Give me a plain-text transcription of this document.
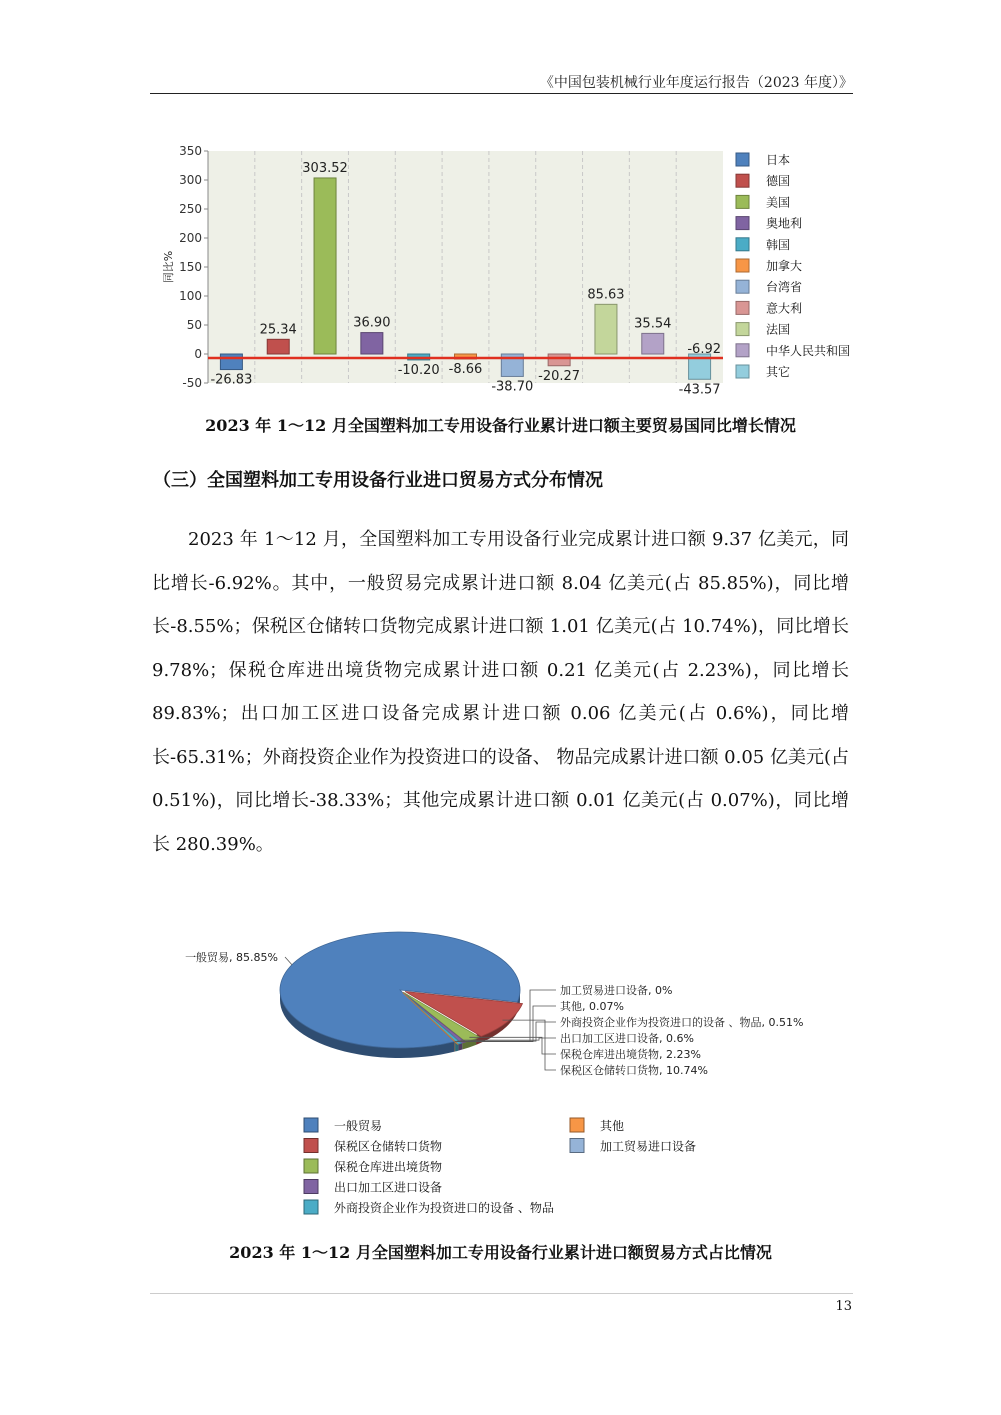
《中国包装机械行业年度运行报告（2023 年度）》
350
300
250
200
150
100
50
0
-50
同比%
-26.83
25.34
303.52
36.90
-10.20 -8.66
-38.70
-20.27
85.63
35.54
-43.57
-6.92
日本
德国
美国
奥地利
韩国
加拿大
台湾省
意大利
法国
中华人民共和国
其它
2023 年 1～12 月全国塑料加工专用设备行业累计进口额主要贸易国同比增长情况
（三）全国塑料加工专用设备行业进口贸易方式分布情况

2023 年 1～12 月，全国塑料加工专用设备行业完成累计进口额 9.37 亿美元，同比增长-6.92%。其中，一般贸易完成累计进口额 8.04 亿美元(占 85.85%)，同比增长-8.55%；保税区仓储转口货物完成累计进口额 1.01 亿美元(占 10.74%)，同比增长 9.78%；保税仓库进出境货物完成累计进口额 0.21 亿美元(占 2.23%)，同比增长 89.83%；出口加工区进口设备完成累计进口额 0.06 亿美元(占 0.6%)，同比增长-65.31%；外商投资企业作为投资进口的设备、 物品完成累计进口额 0.05 亿美元(占 0.51%)，同比增长-38.33%；其他完成累计进口额 0.01 亿美元(占 0.07%)，同比增长 280.39%。

加工贸易进口设备, 0%
其他, 0.07%
外商投资企业作为投资进口的设备 、物品, 0.51%
出口加工区进口设备, 0.6%
保税仓库进出境货物, 2.23%
保税区仓储转口货物, 10.74%
一般贸易, 85.85%
一般贸易
保税区仓储转口货物
保税仓库进出境货物
出口加工区进口设备
外商投资企业作为投资进口的设备 、物品
其他
加工贸易进口设备
2023 年 1～12 月全国塑料加工专用设备行业累计进口额贸易方式占比情况
13
